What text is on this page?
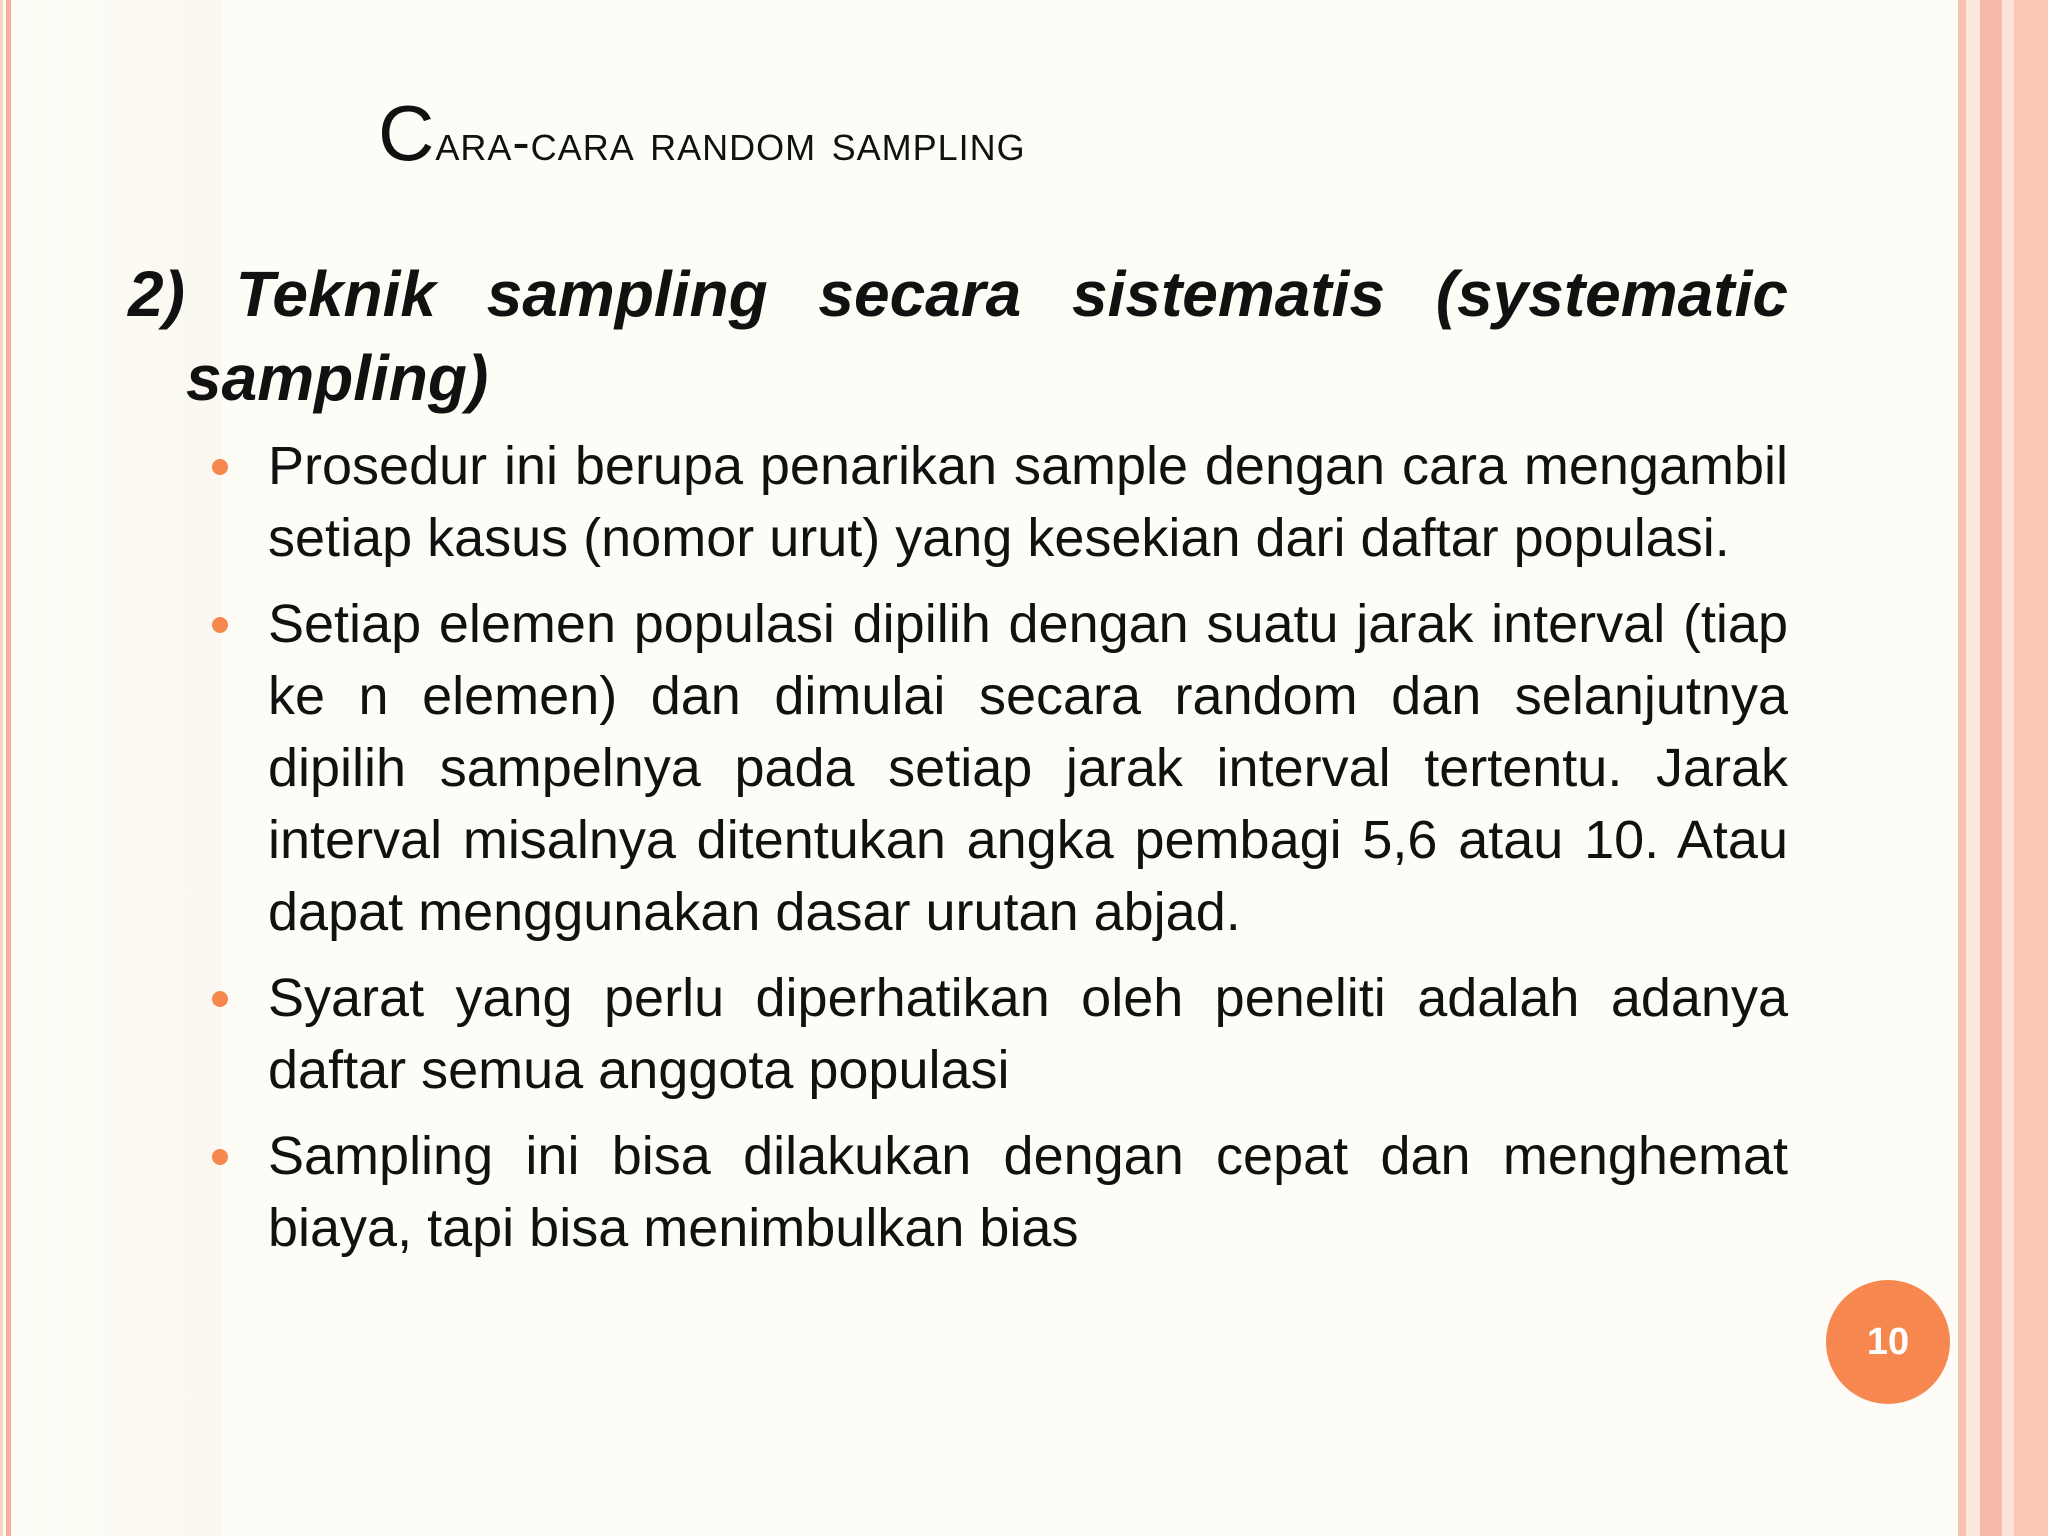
Cara-cara random sampling
2) Teknik sampling secara sistematis (systematic
sampling)
Prosedur ini berupa penarikan sample dengan cara mengambil setiap kasus (nomor urut) yang kesekian dari daftar populasi.
Setiap elemen populasi dipilih dengan suatu jarak interval (tiap ke n elemen) dan dimulai secara random dan selanjutnya dipilih sampelnya pada setiap jarak interval tertentu. Jarak interval misalnya ditentukan angka pembagi 5,6 atau 10. Atau dapat menggunakan dasar urutan abjad.
Syarat yang perlu diperhatikan oleh peneliti adalah adanya daftar semua anggota populasi
Sampling ini bisa dilakukan dengan cepat dan menghemat biaya, tapi bisa menimbulkan bias
10
